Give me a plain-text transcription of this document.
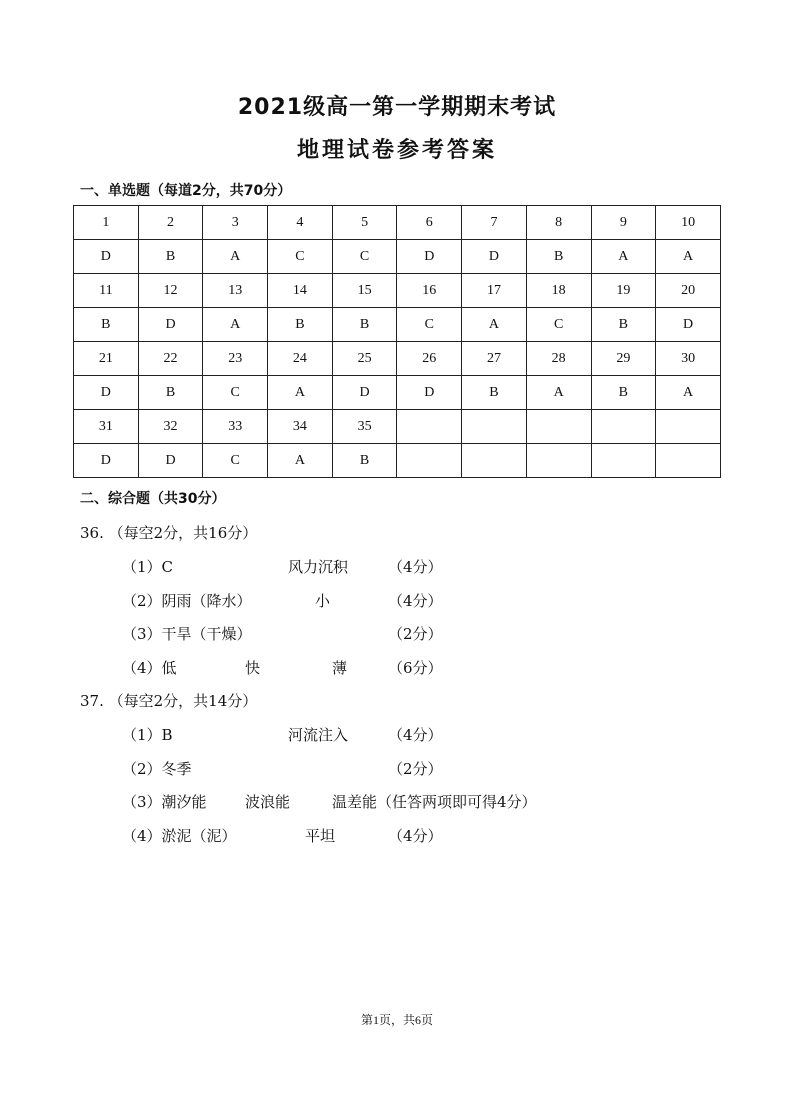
2021级高一第一学期期末考试
地理试卷参考答案
一、单选题（每道2分，共70分）
1	2	3	4	5	6	7	8	9	10
D	B	A	C	C	D	D	B	A	A
11	12	13	14	15	16	17	18	19	20
B	D	A	B	B	C	A	C	B	D
21	22	23	24	25	26	27	28	29	30
D	B	C	A	D	D	B	A	B	A
31	32	33	34	35					
D	D	C	A	B					
二、综合题（共30分）
36. （每空2分，共16分）
（1）C	风力沉积	（4分）
（2）阴雨（降水）	小	（4分）
（3）干旱（干燥）	（2分）
（4）低	快	薄	（6分）
37. （每空2分，共14分）
（1）B	河流注入	（4分）
（2）冬季	（2分）
（3）潮汐能	波浪能	温差能（任答两项即可得4分）
（4）淤泥（泥）	平坦	（4分）
第1页，共6页
